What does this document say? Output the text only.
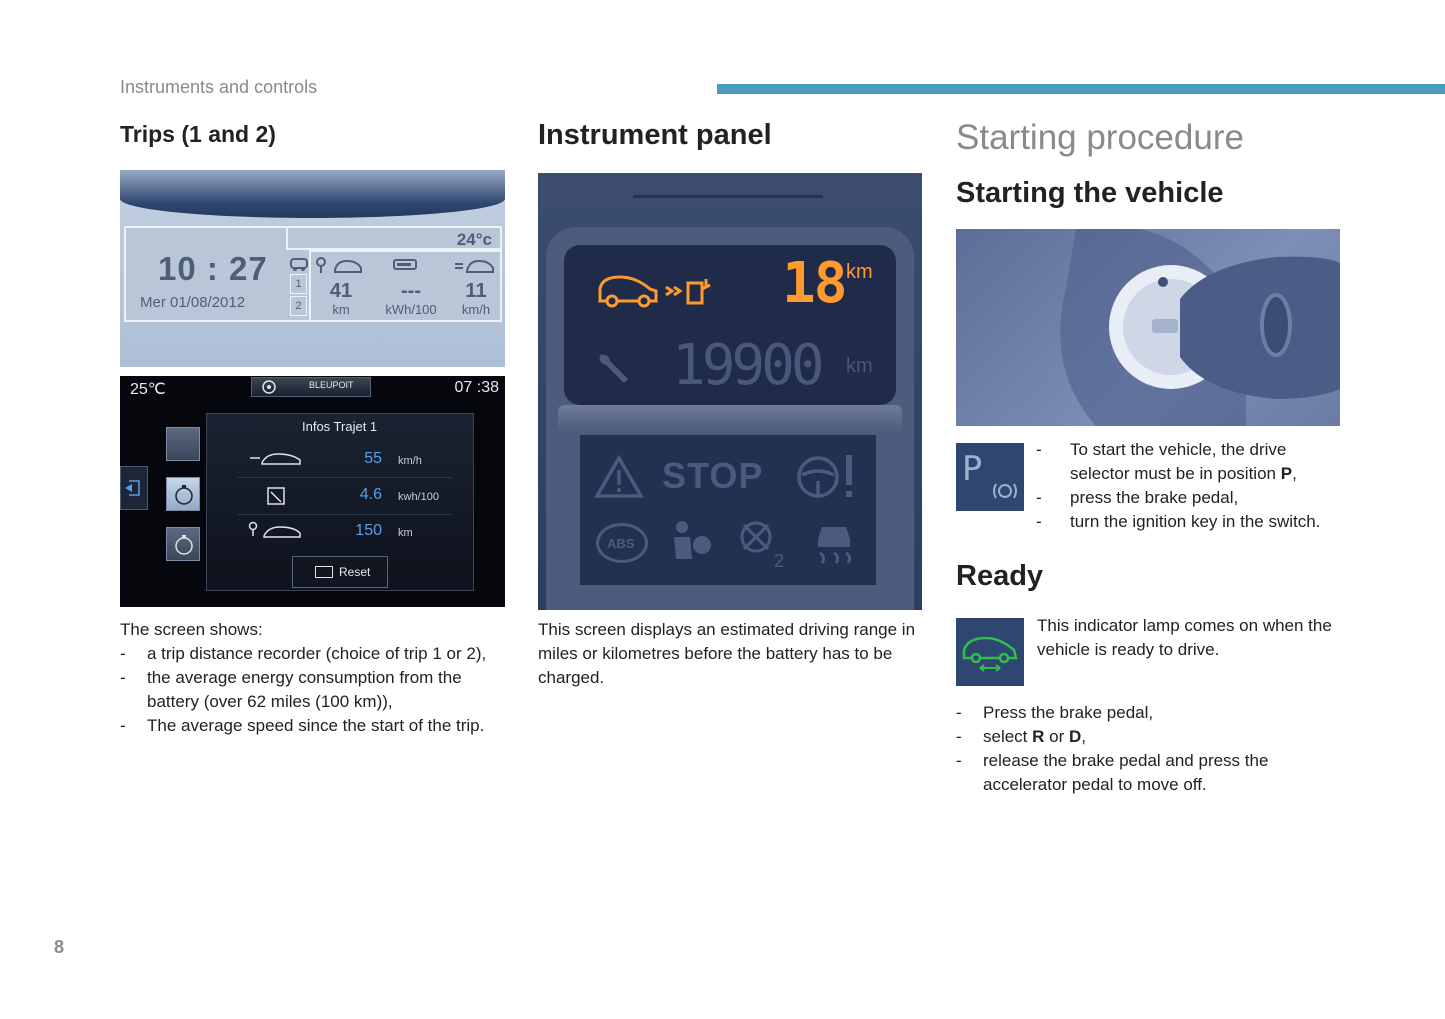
Instruments and controls
Trips (1 and 2)
10 : 27
Mer 01/08/2012
24°c
1
2
41
km
---
kWh/100
11
km/h
25℃	BLEUPOIT	07 :38
Infos Trajet 1
55 km/h
4.6 kwh/100
150 km
Reset
The screen shows:
- a trip distance recorder (choice of trip 1 or 2),
- the average energy consumption from the battery (over 62 miles (100 km)),
- The average speed since the start of the trip.
Instrument panel
18 km
19900 km
STOP
ABS
2
This screen displays an estimated driving range in miles or kilometres before the battery has to be charged.
Starting procedure
Starting the vehicle
P
-	To start the vehicle, the drive selector must be in position P,
- press the brake pedal,
- turn the ignition key in the switch.
Ready
This indicator lamp comes on when the vehicle is ready to drive.
- Press the brake pedal,
- select R or D,
- release the brake pedal and press the accelerator pedal to move off.
8
